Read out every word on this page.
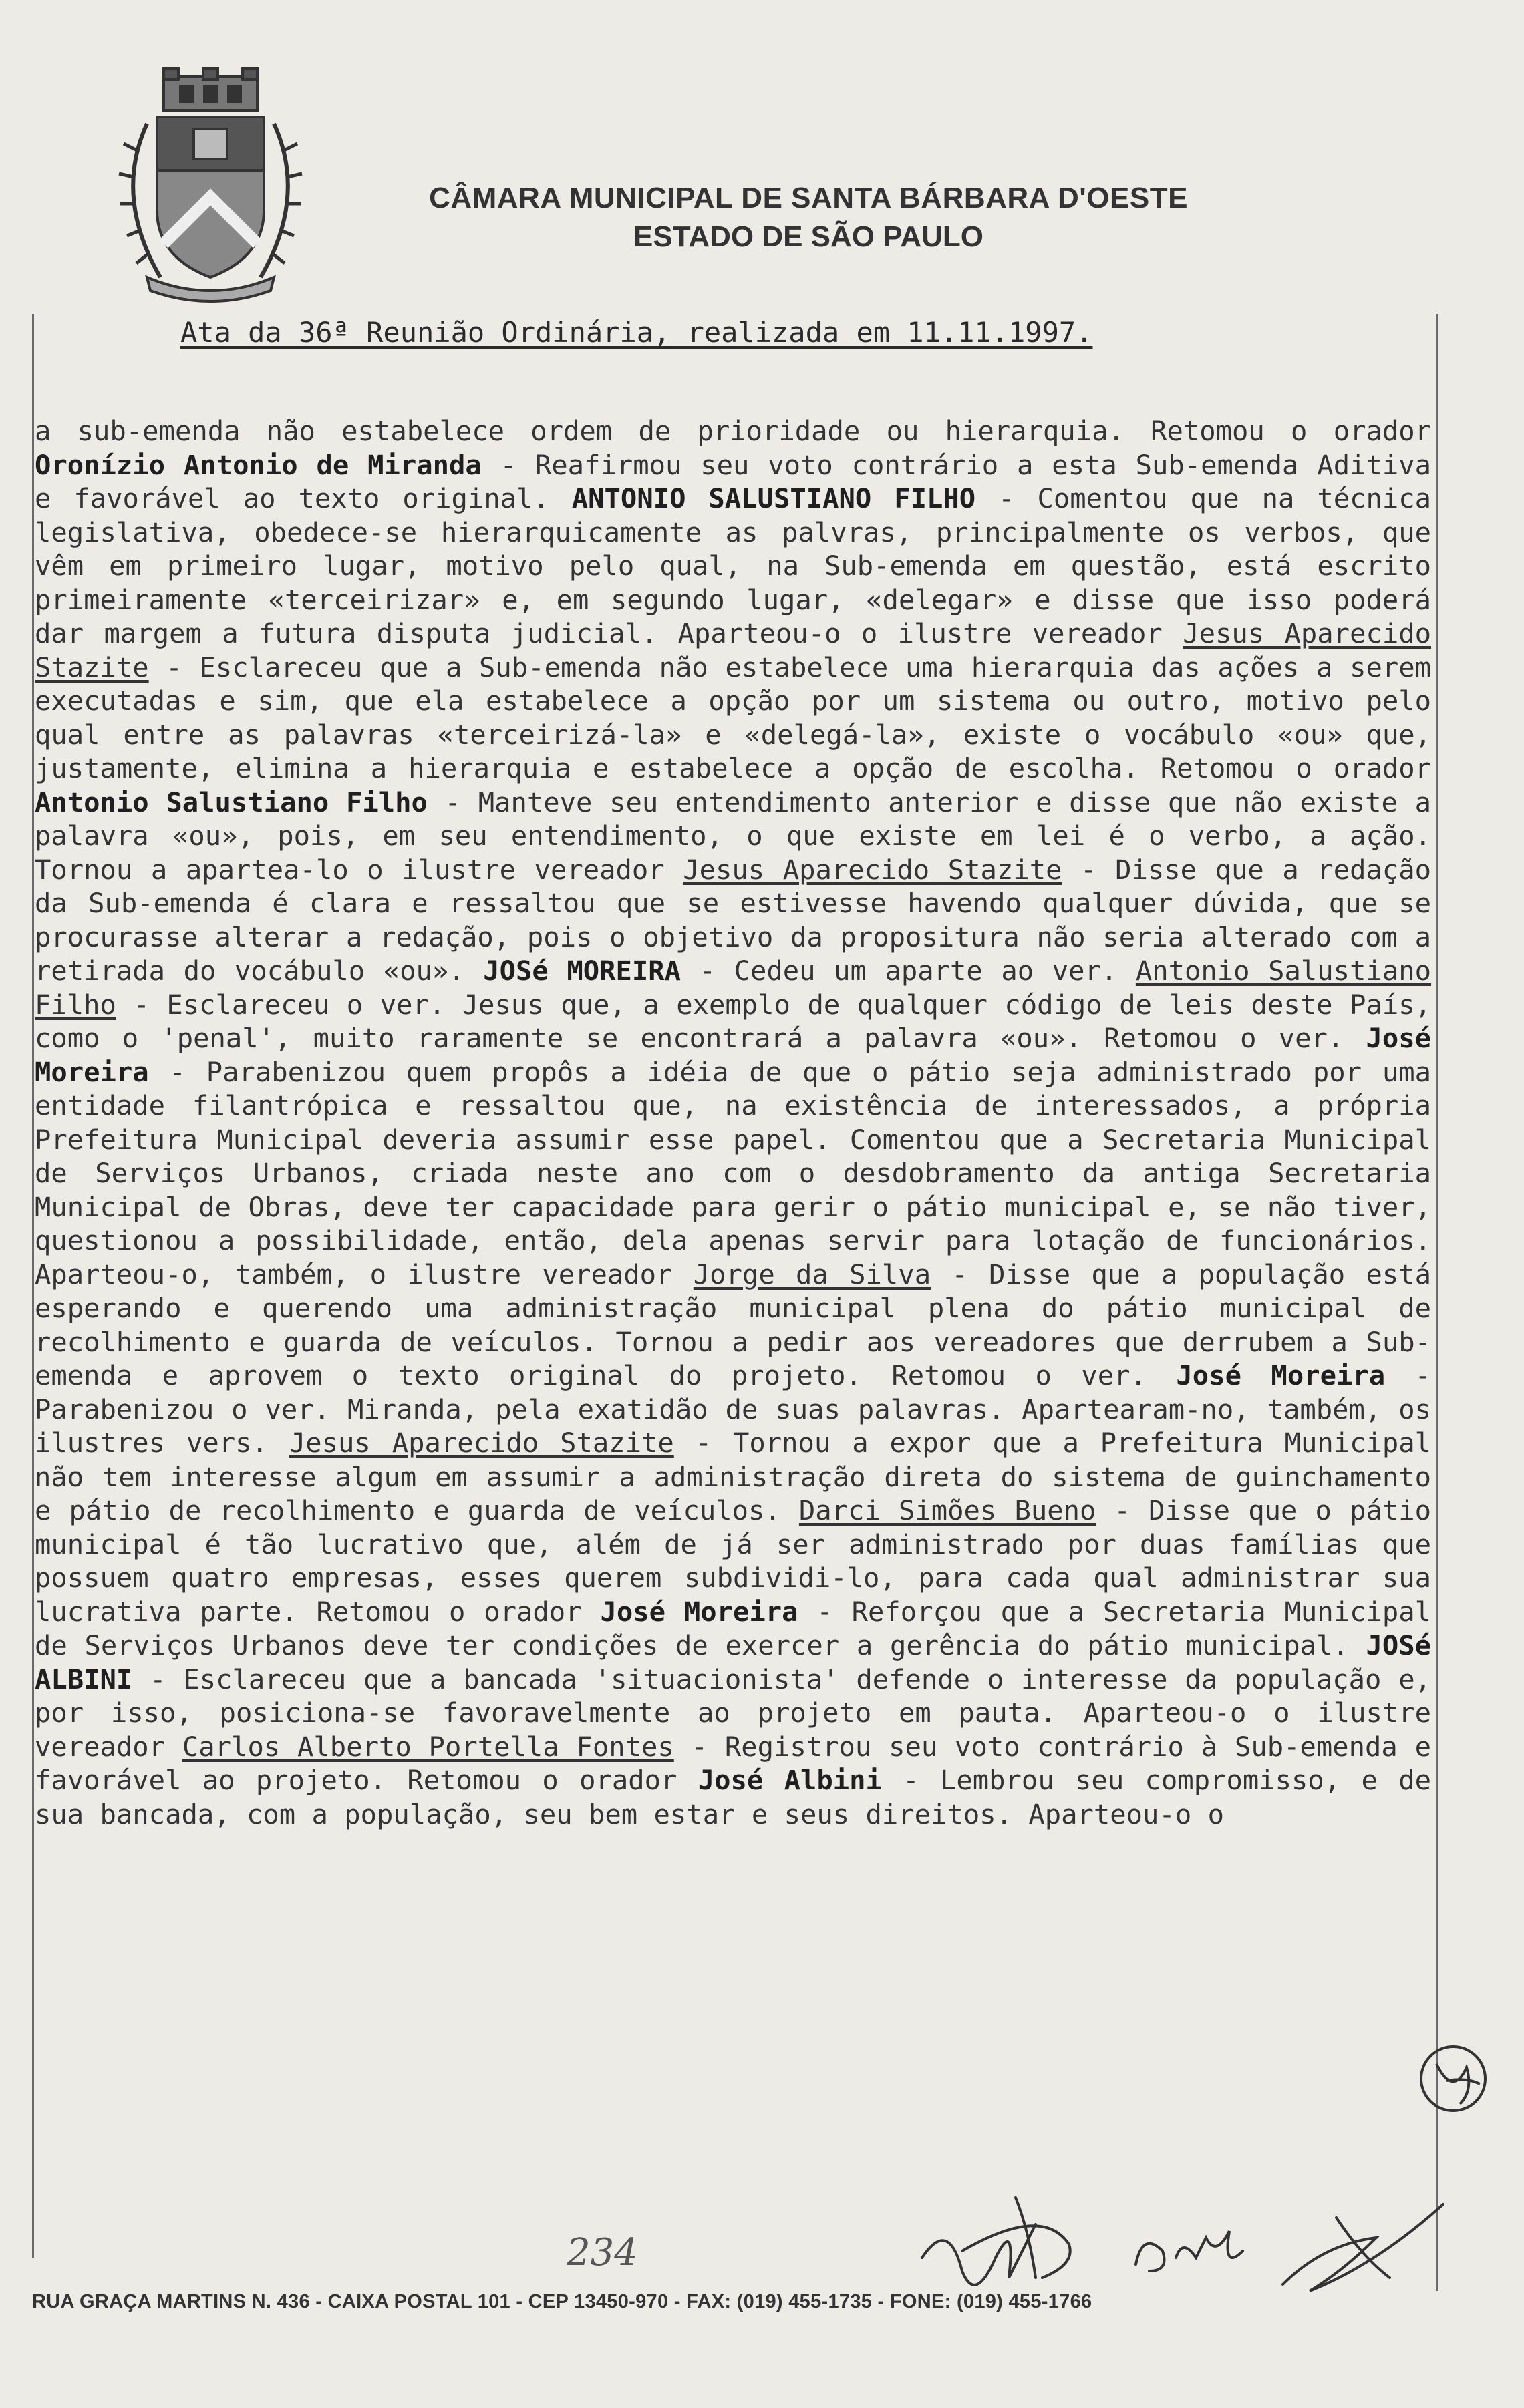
CÂMARA MUNICIPAL DE SANTA BÁRBARA D'OESTE
ESTADO DE SÃO PAULO
Ata da 36ª Reunião Ordinária, realizada em 11.11.1997.
a sub-emenda não estabelece ordem de prioridade ou hierarquia. Retomou o orador Oronízio Antonio de Miranda - Reafirmou seu voto contrário a esta Sub-emenda Aditiva e favorável ao texto original. ANTONIO SALUSTIANO FILHO - Comentou que na técnica legislativa, obedece-se hierarquicamente as palvras, principalmente os verbos, que vêm em primeiro lugar, motivo pelo qual, na Sub-emenda em questão, está escrito primeiramente «terceirizar» e, em segundo lugar, «delegar» e disse que isso poderá dar margem a futura disputa judicial. Aparteou-o o ilustre vereador Jesus Aparecido Stazite - Esclareceu que a Sub-emenda não estabelece uma hierarquia das ações a serem executadas e sim, que ela estabelece a opção por um sistema ou outro, motivo pelo qual entre as palavras «terceirizá-la» e «delegá-la», existe o vocábulo «ou» que, justamente, elimina a hierarquia e estabelece a opção de escolha. Retomou o orador Antonio Salustiano Filho - Manteve seu entendimento anterior e disse que não existe a palavra «ou», pois, em seu entendimento, o que existe em lei é o verbo, a ação. Tornou a apartea-lo o ilustre vereador Jesus Aparecido Stazite - Disse que a redação da Sub-emenda é clara e ressaltou que se estivesse havendo qualquer dúvida, que se procurasse alterar a redação, pois o objetivo da propositura não seria alterado com a retirada do vocábulo «ou». JOSé MOREIRA - Cedeu um aparte ao ver. Antonio Salustiano Filho - Esclareceu o ver. Jesus que, a exemplo de qualquer código de leis deste País, como o 'penal', muito raramente se encontrará a palavra «ou». Retomou o ver. José Moreira - Parabenizou quem propôs a idéia de que o pátio seja administrado por uma entidade filantrópica e ressaltou que, na existência de interessados, a própria Prefeitura Municipal deveria assumir esse papel. Comentou que a Secretaria Municipal de Serviços Urbanos, criada neste ano com o desdobramento da antiga Secretaria Municipal de Obras, deve ter capacidade para gerir o pátio municipal e, se não tiver, questionou a possibilidade, então, dela apenas servir para lotação de funcionários. Aparteou-o, também, o ilustre vereador Jorge da Silva - Disse que a população está esperando e querendo uma administração municipal plena do pátio municipal de recolhimento e guarda de veículos. Tornou a pedir aos vereadores que derrubem a Sub-emenda e aprovem o texto original do projeto. Retomou o ver. José Moreira - Parabenizou o ver. Miranda, pela exatidão de suas palavras. Apartearam-no, também, os ilustres vers. Jesus Aparecido Stazite - Tornou a expor que a Prefeitura Municipal não tem interesse algum em assumir a administração direta do sistema de guinchamento e pátio de recolhimento e guarda de veículos. Darci Simões Bueno - Disse que o pátio municipal é tão lucrativo que, além de já ser administrado por duas famílias que possuem quatro empresas, esses querem subdividi-lo, para cada qual administrar sua lucrativa parte. Retomou o orador José Moreira - Reforçou que a Secretaria Municipal de Serviços Urbanos deve ter condições de exercer a gerência do pátio municipal. JOSé ALBINI - Esclareceu que a bancada 'situacionista' defende o interesse da população e, por isso, posiciona-se favoravelmente ao projeto em pauta. Aparteou-o o ilustre vereador Carlos Alberto Portella Fontes - Registrou seu voto contrário à Sub-emenda e favorável ao projeto. Retomou o orador José Albini - Lembrou seu compromisso, e de sua bancada, com a população, seu bem estar e seus direitos. Aparteou-o o
234
RUA GRAÇA MARTINS N. 436 - CAIXA POSTAL 101 - CEP 13450-970 - FAX: (019) 455-1735 - FONE: (019) 455-1766
